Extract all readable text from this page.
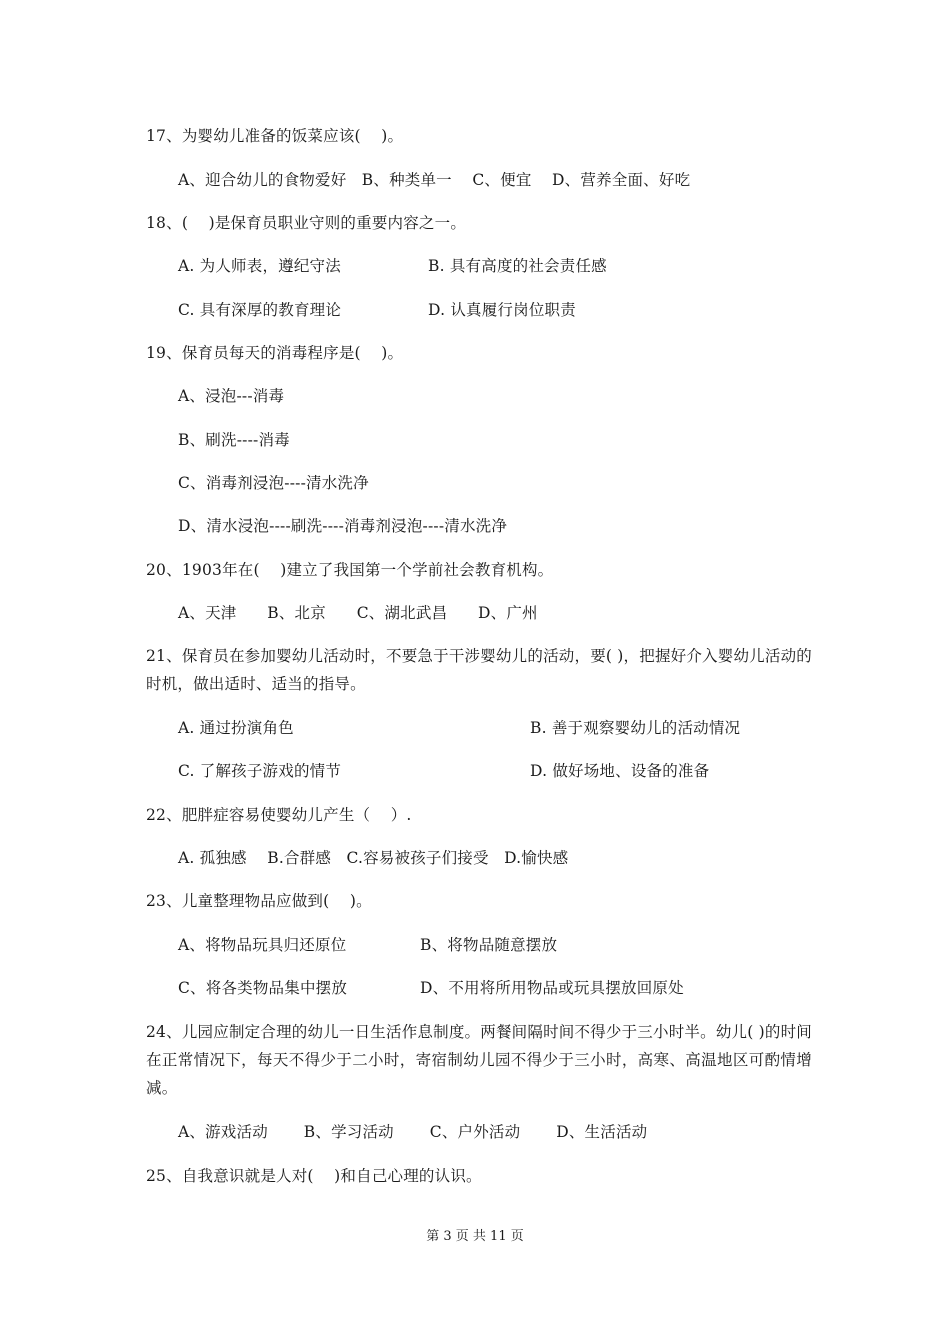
17、为婴幼儿准备的饭菜应该(    )。
A、迎合幼儿的食物爱好   B、种类单一    C、便宜    D、营养全面、好吃
18、(    )是保育员职业守则的重要内容之一。
A. 为人师表，遵纪守法	B. 具有高度的社会责任感
C. 具有深厚的教育理论	D. 认真履行岗位职责
19、保育员每天的消毒程序是(    )。
A、浸泡---消毒
B、刷洗----消毒
C、消毒剂浸泡----清水洗净
D、清水浸泡----刷洗----消毒剂浸泡----清水洗净
20、1903年在(    )建立了我国第一个学前社会教育机构。
A、天津      B、北京      C、湖北武昌      D、广州
21、保育员在参加婴幼儿活动时，不要急于干涉婴幼儿的活动，要( )，把握好介入婴幼儿活动的时机，做出适时、适当的指导。
A. 通过扮演角色	B. 善于观察婴幼儿的活动情况
C. 了解孩子游戏的情节	D. 做好场地、设备的准备
22、肥胖症容易使婴幼儿产生（    ）.
A. 孤独感    B.合群感   C.容易被孩子们接受   D.愉快感
23、儿童整理物品应做到(    )。
A、将物品玩具归还原位	B、将物品随意摆放
C、将各类物品集中摆放	D、不用将所用物品或玩具摆放回原处
24、儿园应制定合理的幼儿一日生活作息制度。两餐间隔时间不得少于三小时半。幼儿( )的时间在正常情况下，每天不得少于二小时，寄宿制幼儿园不得少于三小时，高寒、高温地区可酌情增减。
A、游戏活动       B、学习活动       C、户外活动       D、生活活动
25、自我意识就是人对(    )和自己心理的认识。
第 3 页 共 11 页
